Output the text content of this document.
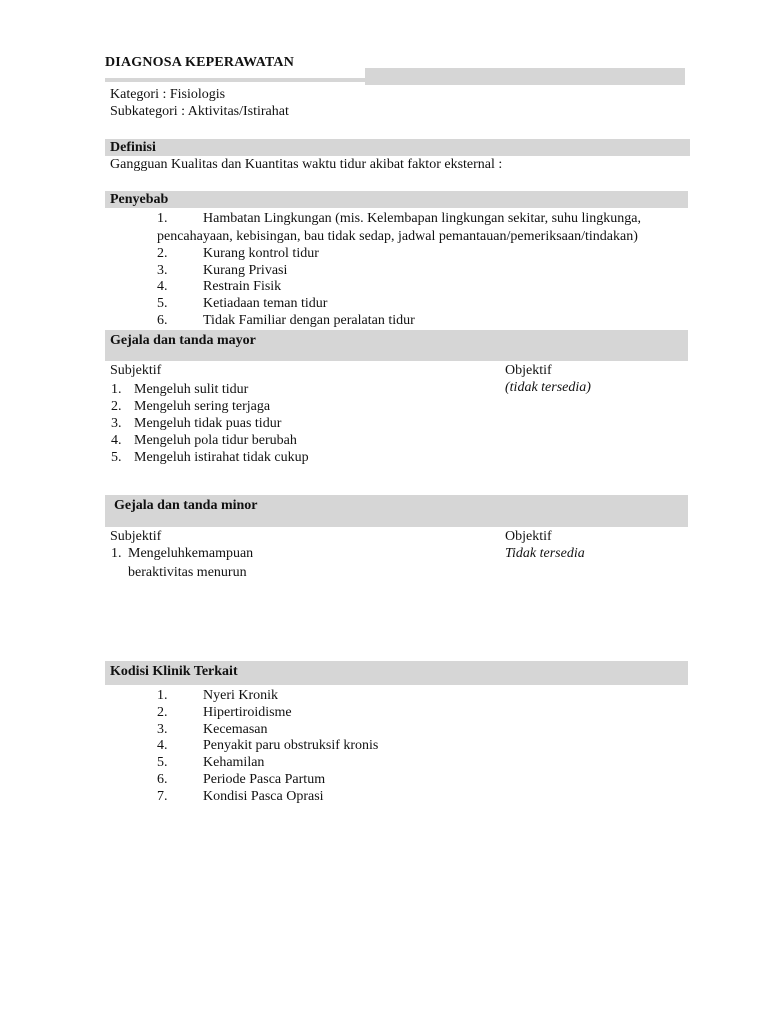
DIAGNOSA KEPERAWATAN
Kategori : Fisiologis
Subkategori : Aktivitas/Istirahat
Definisi
Gangguan Kualitas dan Kuantitas waktu tidur akibat faktor eksternal :
Penyebab
1.	Hambatan Lingkungan (mis. Kelembapan lingkungan sekitar, suhu lingkunga,
pencahayaan, kebisingan, bau tidak sedap, jadwal pemantauan/pemeriksaan/tindakan)
2.	Kurang kontrol tidur
3.	Kurang Privasi
4.	Restrain Fisik
5.	Ketiadaan teman tidur
6.	Tidak Familiar dengan peralatan tidur
Gejala dan tanda mayor
Subjektif	Objektif
(tidak tersedia)
1. Mengeluh sulit tidur
2. Mengeluh sering terjaga
3. Mengeluh tidak puas tidur
4. Mengeluh pola tidur berubah
5. Mengeluh istirahat tidak cukup
Gejala dan tanda minor
Subjektif	Objektif
Tidak tersedia
1. Mengeluhkemampuan
beraktivitas menurun
Kodisi Klinik Terkait
1.	Nyeri Kronik
2.	Hipertiroidisme
3.	Kecemasan
4.	Penyakit paru obstruksif kronis
5.	Kehamilan
6.	Periode Pasca Partum
7.	Kondisi Pasca Oprasi
